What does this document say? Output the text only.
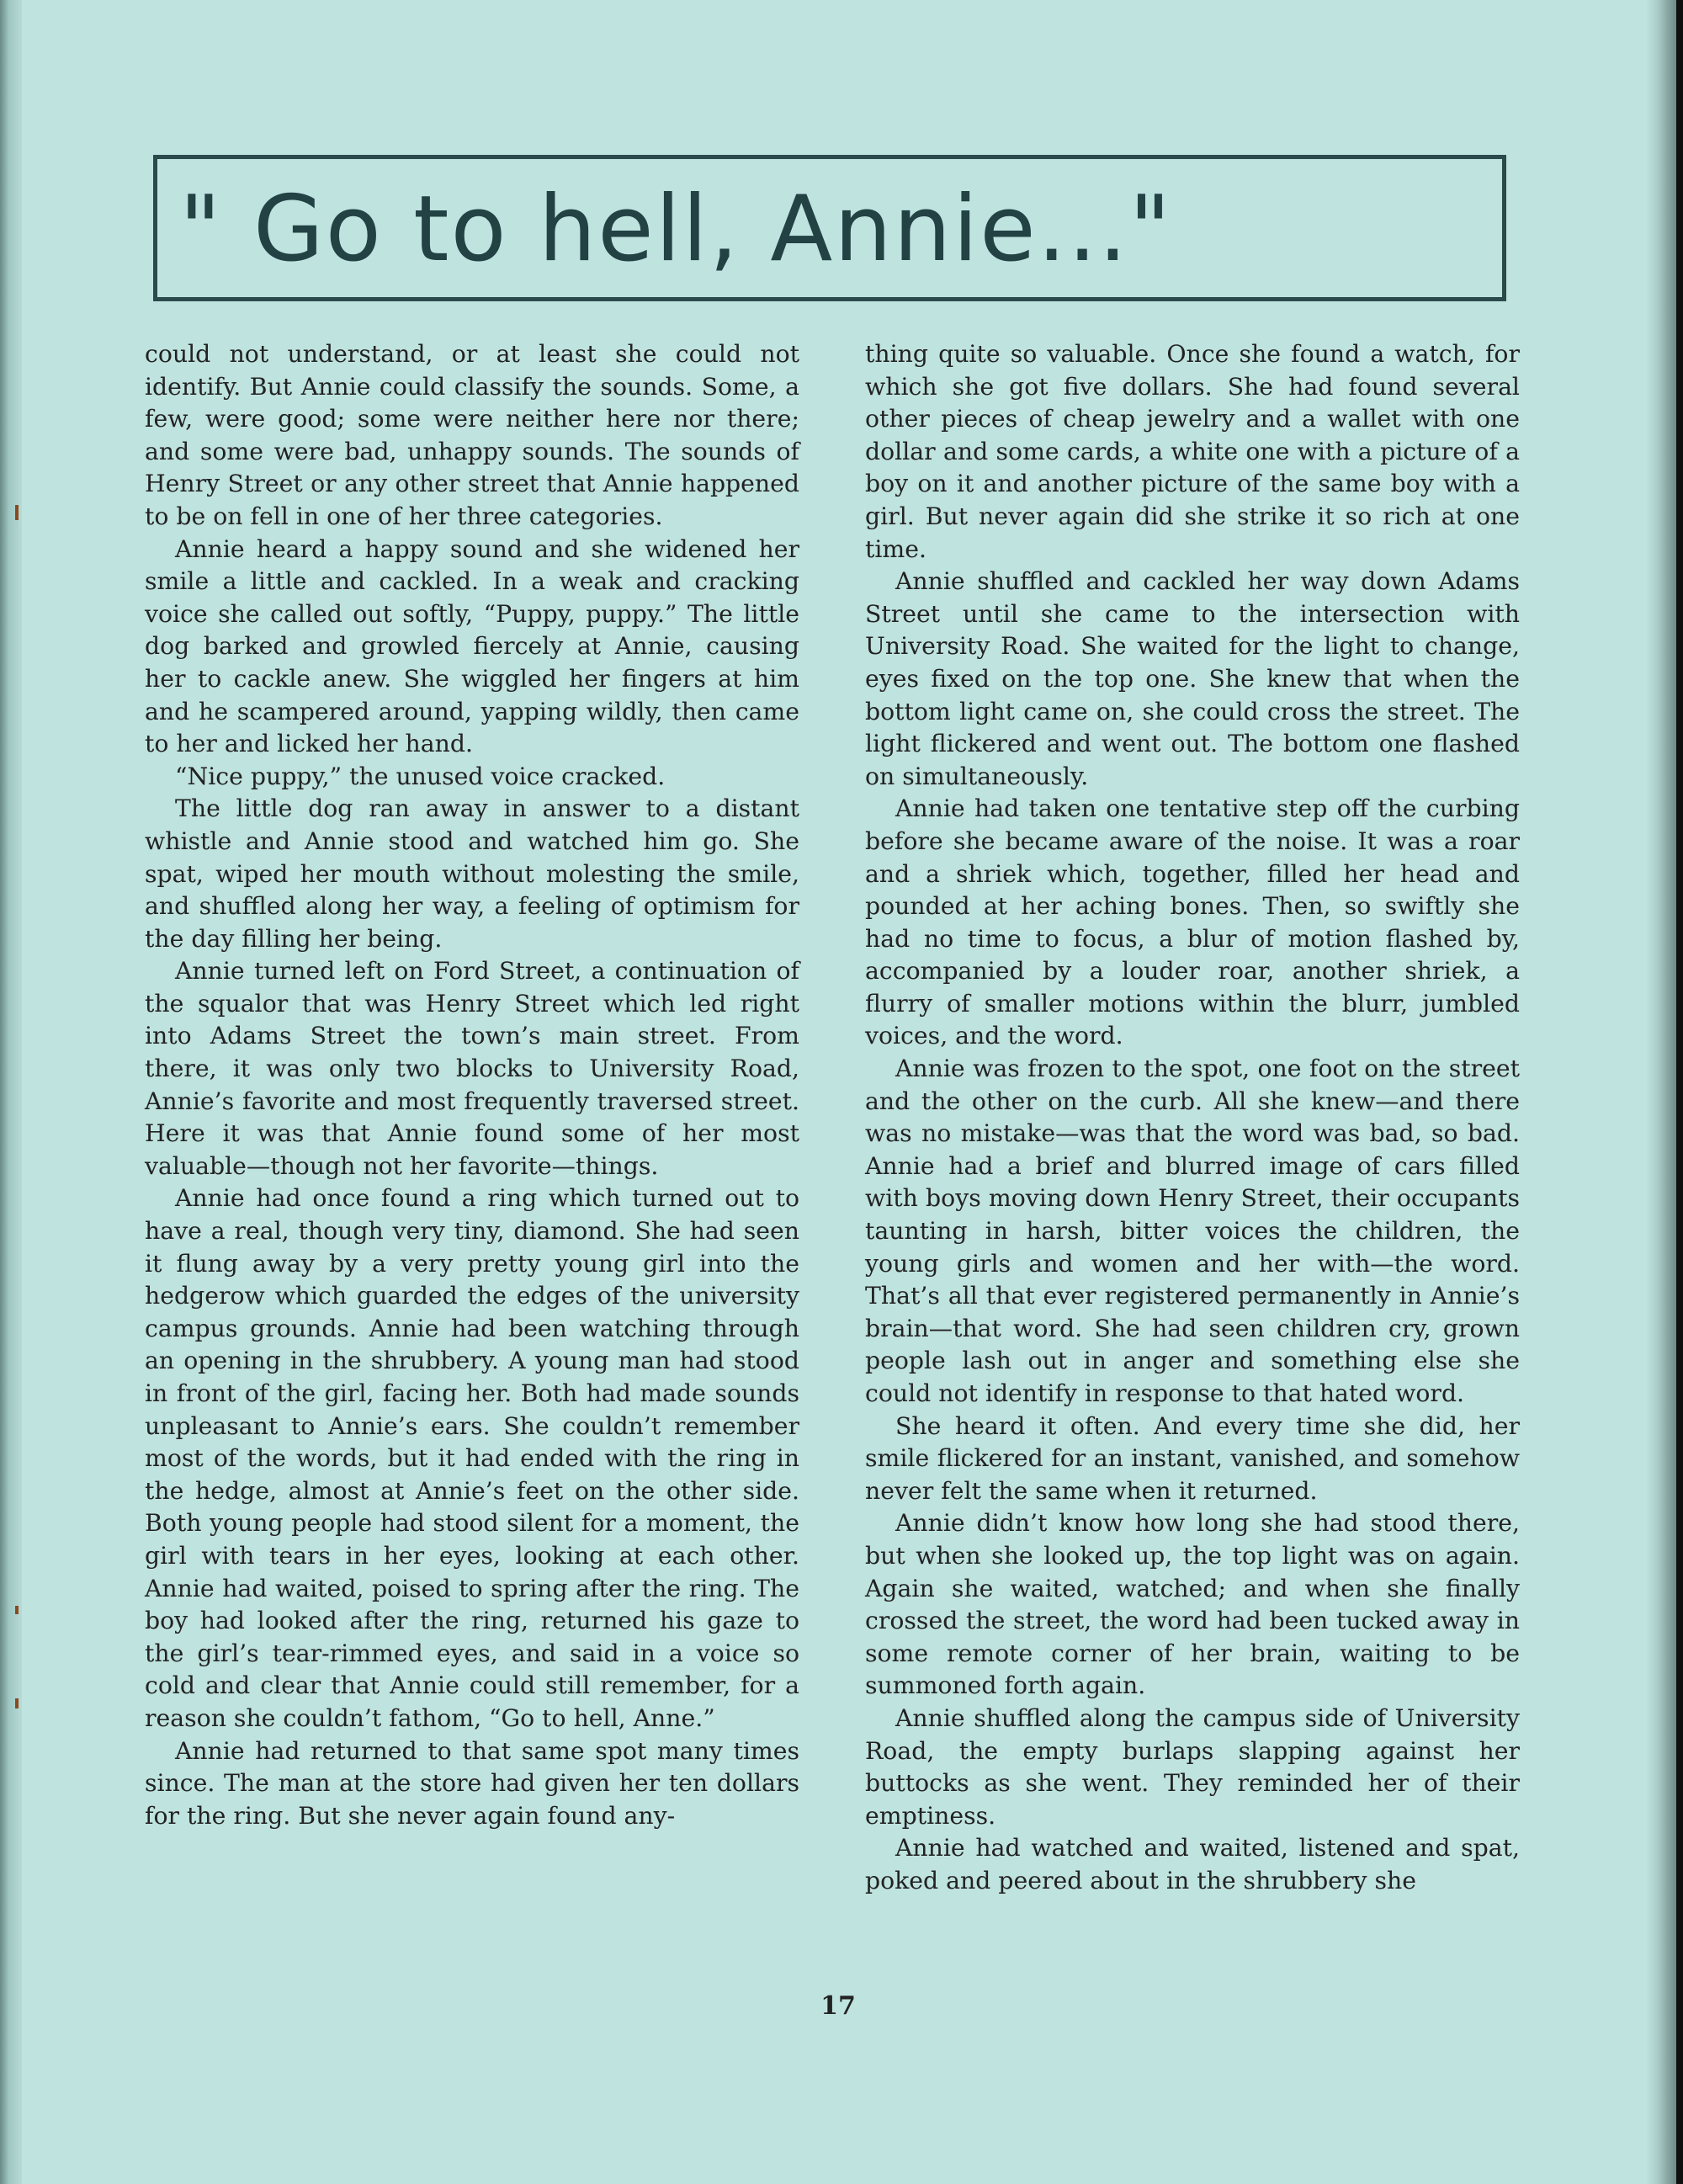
" Go to hell, Annie..."

could not understand, or at least she could not identify. But Annie could classify the sounds. Some, a few, were good; some were neither here nor there; and some were bad, unhappy sounds. The sounds of Henry Street or any other street that Annie happened to be on fell in one of her three categories.

Annie heard a happy sound and she widened her smile a little and cackled. In a weak and cracking voice she called out softly, “Puppy, puppy.” The little dog barked and growled fiercely at Annie, causing her to cackle anew. She wiggled her fingers at him and he scampered around, yapping wildly, then came to her and licked her hand.

“Nice puppy,” the unused voice cracked.

The little dog ran away in answer to a distant whistle and Annie stood and watched him go. She spat, wiped her mouth without molesting the smile, and shuffled along her way, a feeling of optimism for the day filling her being.

Annie turned left on Ford Street, a continuation of the squalor that was Henry Street which led right into Adams Street the town’s main street. From there, it was only two blocks to University Road, Annie’s favorite and most frequently traversed street. Here it was that Annie found some of her most valuable—though not her favorite—things.

Annie had once found a ring which turned out to have a real, though very tiny, diamond. She had seen it flung away by a very pretty young girl into the hedgerow which guarded the edges of the university campus grounds. Annie had been watching through an opening in the shrubbery. A young man had stood in front of the girl, facing her. Both had made sounds unpleasant to Annie’s ears. She couldn’t remember most of the words, but it had ended with the ring in the hedge, almost at Annie’s feet on the other side. Both young people had stood silent for a moment, the girl with tears in her eyes, looking at each other. Annie had waited, poised to spring after the ring. The boy had looked after the ring, returned his gaze to the girl’s tear-rimmed eyes, and said in a voice so cold and clear that Annie could still remember, for a reason she couldn’t fathom, “Go to hell, Anne.”

Annie had returned to that same spot many times since. The man at the store had given her ten dollars for the ring. But she never again found any-

thing quite so valuable. Once she found a watch, for which she got five dollars. She had found several other pieces of cheap jewelry and a wallet with one dollar and some cards, a white one with a picture of a boy on it and another picture of the same boy with a girl. But never again did she strike it so rich at one time.

Annie shuffled and cackled her way down Adams Street until she came to the intersection with University Road. She waited for the light to change, eyes fixed on the top one. She knew that when the bottom light came on, she could cross the street. The light flickered and went out. The bottom one flashed on simultaneously.

Annie had taken one tentative step off the curbing before she became aware of the noise. It was a roar and a shriek which, together, filled her head and pounded at her aching bones. Then, so swiftly she had no time to focus, a blur of motion flashed by, accompanied by a louder roar, another shriek, a flurry of smaller motions within the blurr, jumbled voices, and the word.

Annie was frozen to the spot, one foot on the street and the other on the curb. All she knew—and there was no mistake—was that the word was bad, so bad. Annie had a brief and blurred image of cars filled with boys moving down Henry Street, their occupants taunting in harsh, bitter voices the children, the young girls and women and her with—the word. That’s all that ever registered permanently in Annie’s brain—that word. She had seen children cry, grown people lash out in anger and something else she could not identify in response to that hated word.

She heard it often. And every time she did, her smile flickered for an instant, vanished, and somehow never felt the same when it returned.

Annie didn’t know how long she had stood there, but when she looked up, the top light was on again. Again she waited, watched; and when she finally crossed the street, the word had been tucked away in some remote corner of her brain, waiting to be summoned forth again.

Annie shuffled along the campus side of University Road, the empty burlaps slapping against her buttocks as she went. They reminded her of their emptiness.

Annie had watched and waited, listened and spat, poked and peered about in the shrubbery she

17
